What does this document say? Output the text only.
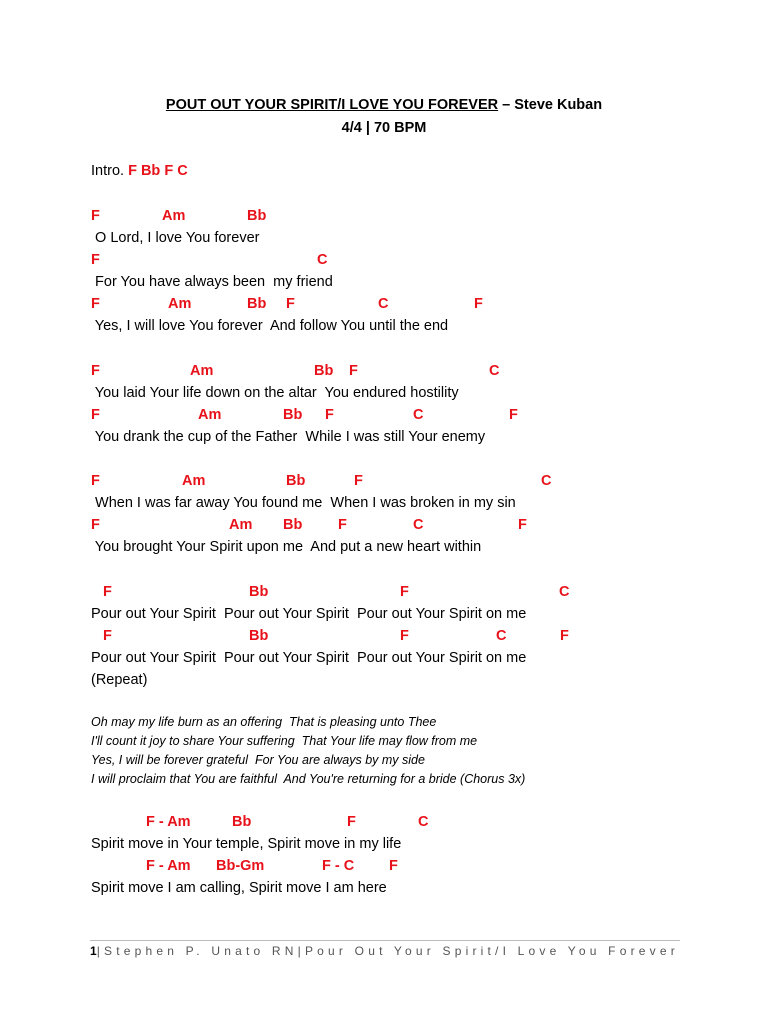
POUT OUT YOUR SPIRIT/I LOVE YOU FOREVER – Steve Kuban
4/4 | 70 BPM
Intro. F Bb F C
F	Am	Bb
O Lord, I love You forever
F	C
For You have always been  my friend
F	Am	Bb F	C	F
Yes, I will love You forever  And follow You until the end
F	Am	Bb F	C
You laid Your life down on the altar  You endured hostility
F	Am	Bb F	C	F
You drank the cup of the Father  While I was still Your enemy
F	Am	Bb	F	C
When I was far away You found me  When I was broken in my sin
F	Am Bb F	C	F
You brought Your Spirit upon me  And put a new heart within
F	Bb	F	C
Pour out Your Spirit  Pour out Your Spirit  Pour out Your Spirit on me
F	Bb	F	C	F
Pour out Your Spirit  Pour out Your Spirit  Pour out Your Spirit on me
F - Am	Bb	F	C
Spirit move in Your temple, Spirit move in my life
F - Am Bb-Gm	F - C F
Spirit move I am calling, Spirit move I am here
(Repeat)
Oh may my life burn as an offering  That is pleasing unto Thee
I'll count it joy to share Your suffering  That Your life may flow from me
Yes, I will be forever grateful  For You are always by my side
I will proclaim that You are faithful  And You're returning for a bride (Chorus 3x)
1|Stephen P. Unato RN|Pour Out Your Spirit/I Love You Forever
